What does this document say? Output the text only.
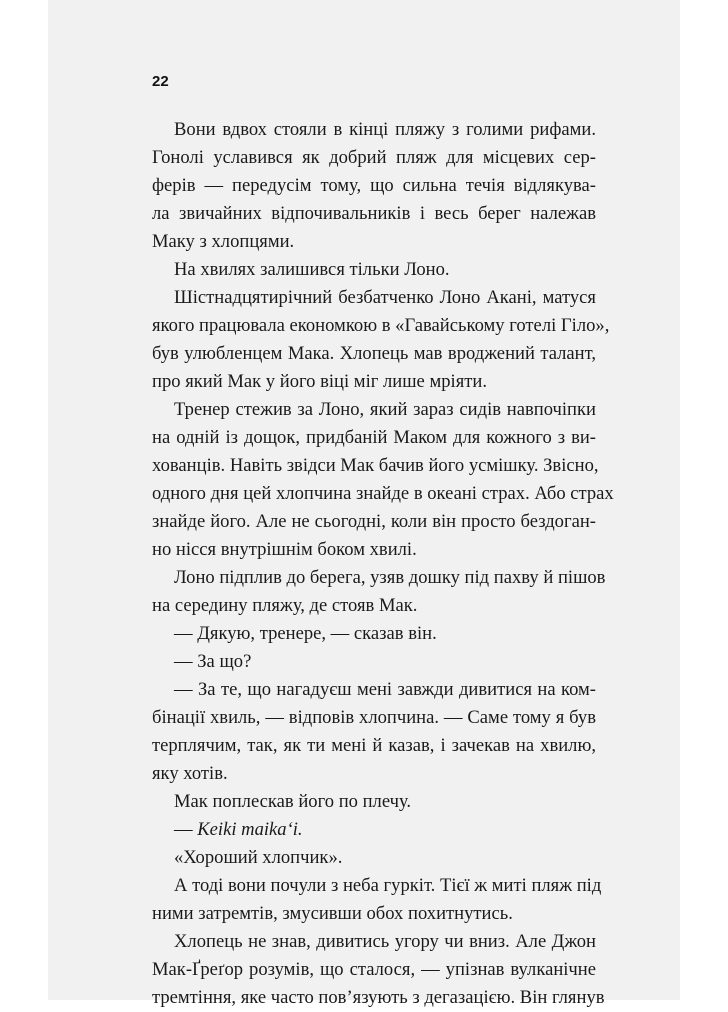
22
Вони вдвох стояли в кінці пляжу з голими рифами.
Гонолі уславився як добрий пляж для місцевих сер-
ферів — передусім тому, що сильна течія відлякува-
ла звичайних відпочивальників і весь берег належав
Маку з хлопцями.
На хвилях залишився тільки Лоно.
Шістнадцятирічний безбатченко Лоно Акані, матуся
якого працювала економкою в «Гавайському готелі Гіло»,
був улюбленцем Мака. Хлопець мав вроджений талант,
про який Мак у його віці міг лише мріяти.
Тренер стежив за Лоно, який зараз сидів навпочіпки
на одній із дощок, придбаній Маком для кожного з ви-
хованців. Навіть звідси Мак бачив його усмішку. Звісно,
одного дня цей хлопчина знайде в океані страх. Або страх
знайде його. Але не сьогодні, коли він просто бездоган-
но нісся внутрішнім боком хвилі.
Лоно підплив до берега, узяв дошку під пахву й пішов
на середину пляжу, де стояв Мак.
— Дякую, тренере, — сказав він.
— За що?
— За те, що нагадуєш мені завжди дивитися на ком-
бінації хвиль, — відповів хлопчина. — Саме тому я був
терплячим, так, як ти мені й казав, і зачекав на хвилю,
яку хотів.
Мак поплескав його по плечу.
— Keiki maika‘i.
«Хороший хлопчик».
А тоді вони почули з неба гуркіт. Тієї ж миті пляж під
ними затремтів, змусивши обох похитнутись.
Хлопець не знав, дивитись угору чи вниз. Але Джон
Мак-Ґреґор розумів, що сталося, — упізнав вулканічне
тремтіння, яке часто пов’язують з дегазацією. Він глянув
